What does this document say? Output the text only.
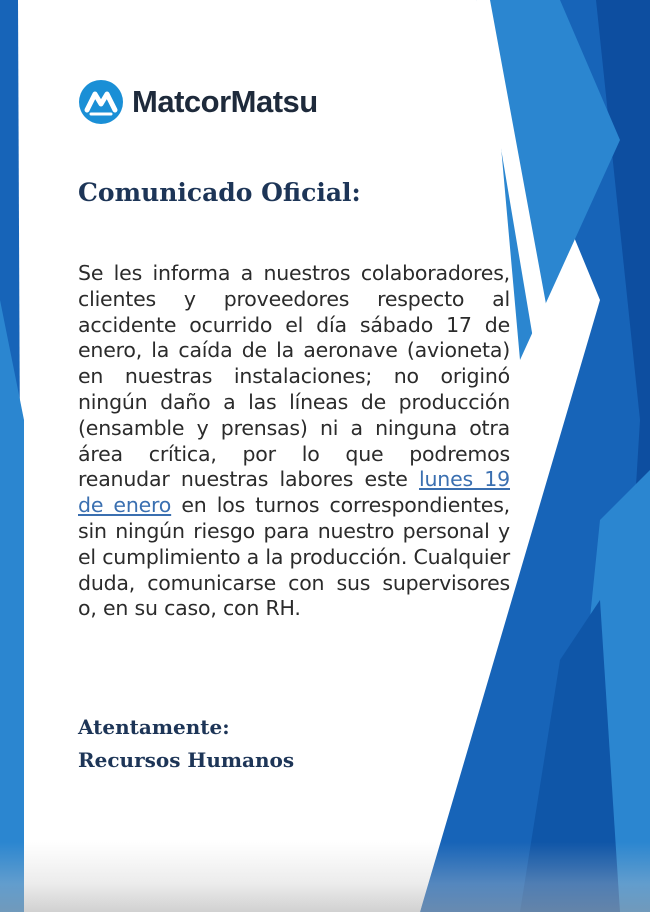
MatcorMatsu
Comunicado Oficial:

Se les informa a nuestros colaboradores, clientes y proveedores respecto al accidente ocurrido el día sábado 17 de enero, la caída de la aeronave (avioneta) en nuestras instalaciones; no originó ningún daño a las líneas de producción (ensamble y prensas) ni a ninguna otra área crítica, por lo que podremos reanudar nuestras labores este lunes 19 de enero en los turnos correspondientes, sin ningún riesgo para nuestro personal y el cumplimiento a la producción. Cualquier duda, comunicarse con sus supervisores o, en su caso, con RH.

Atentamente:
Recursos Humanos
